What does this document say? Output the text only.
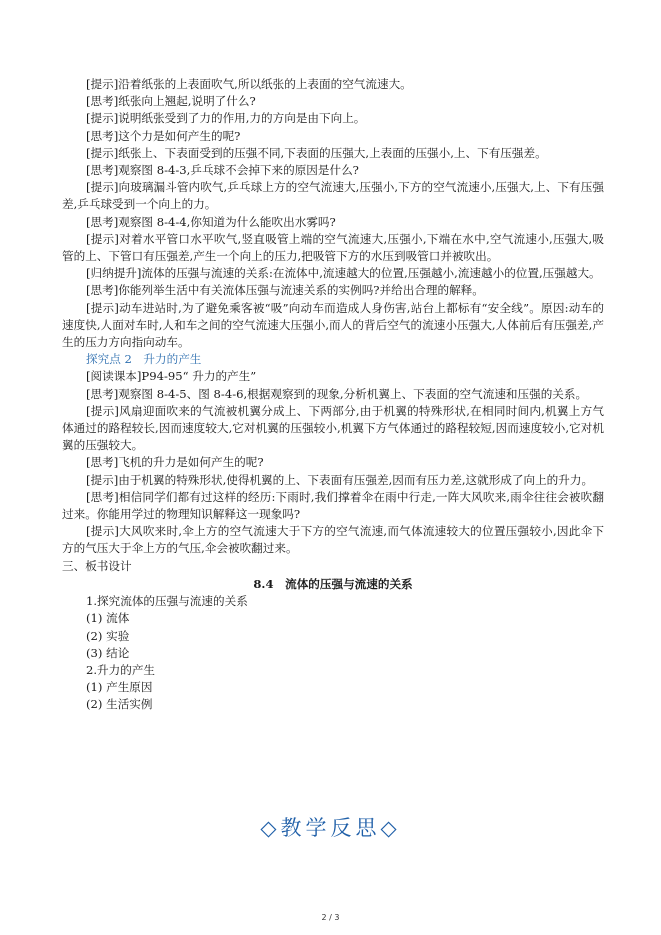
[提示]沿着纸张的上表面吹气,所以纸张的上表面的空气流速大。

[思考]纸张向上翘起,说明了什么?

[提示]说明纸张受到了力的作用,力的方向是由下向上。

[思考]这个力是如何产生的呢?

[提示]纸张上、下表面受到的压强不同,下表面的压强大,上表面的压强小,上、下有压强差。

[思考]观察图 8-4-3,乒乓球不会掉下来的原因是什么?

[提示]向玻璃漏斗管内吹气,乒乓球上方的空气流速大,压强小,下方的空气流速小,压强大,上、下有压强差,乒乓球受到一个向上的力。

[思考]观察图 8-4-4,你知道为什么能吹出水雾吗?

[提示]对着水平管口水平吹气,竖直吸管上端的空气流速大,压强小,下端在水中,空气流速小,压强大,吸管的上、下管口有压强差,产生一个向上的压力,把吸管下方的水压到吸管口并被吹出。

[归纳提升]流体的压强与流速的关系:在流体中,流速越大的位置,压强越小,流速越小的位置,压强越大。

[思考]你能列举生活中有关流体压强与流速关系的实例吗?并给出合理的解释。

[提示]动车进站时,为了避免乘客被“吸”向动车而造成人身伤害,站台上都标有“安全线”。原因:动车的速度快,人面对车时,人和车之间的空气流速大压强小,而人的背后空气的流速小压强大,人体前后有压强差,产生的压力方向指向动车。

探究点 2　升力的产生

[阅读课本]P94-95“ 升力的产生”

[思考]观察图 8-4-5、图 8-4-6,根据观察到的现象,分析机翼上、下表面的空气流速和压强的关系。

[提示]风扇迎面吹来的气流被机翼分成上、下两部分,由于机翼的特殊形状,在相同时间内,机翼上方气体通过的路程较长,因而速度较大,它对机翼的压强较小,机翼下方气体通过的路程较短,因而速度较小,它对机翼的压强较大。

[思考]飞机的升力是如何产生的呢?

[提示]由于机翼的特殊形状,使得机翼的上、下表面有压强差,因而有压力差,这就形成了向上的升力。

[思考]相信同学们都有过这样的经历:下雨时,我们撑着伞在雨中行走,一阵大风吹来,雨伞往往会被吹翻过来。你能用学过的物理知识解释这一现象吗?

[提示]大风吹来时,伞上方的空气流速大于下方的空气流速,而气体流速较大的位置压强较小,因此伞下方的气压大于伞上方的气压,伞会被吹翻过来。

三、板书设计

8.4　流体的压强与流速的关系

1.探究流体的压强与流速的关系

(1) 流体

(2) 实验

(3) 结论

2.升力的产生

(1) 产生原因

(2) 生活实例

◇教学反思◇
2 / 3
